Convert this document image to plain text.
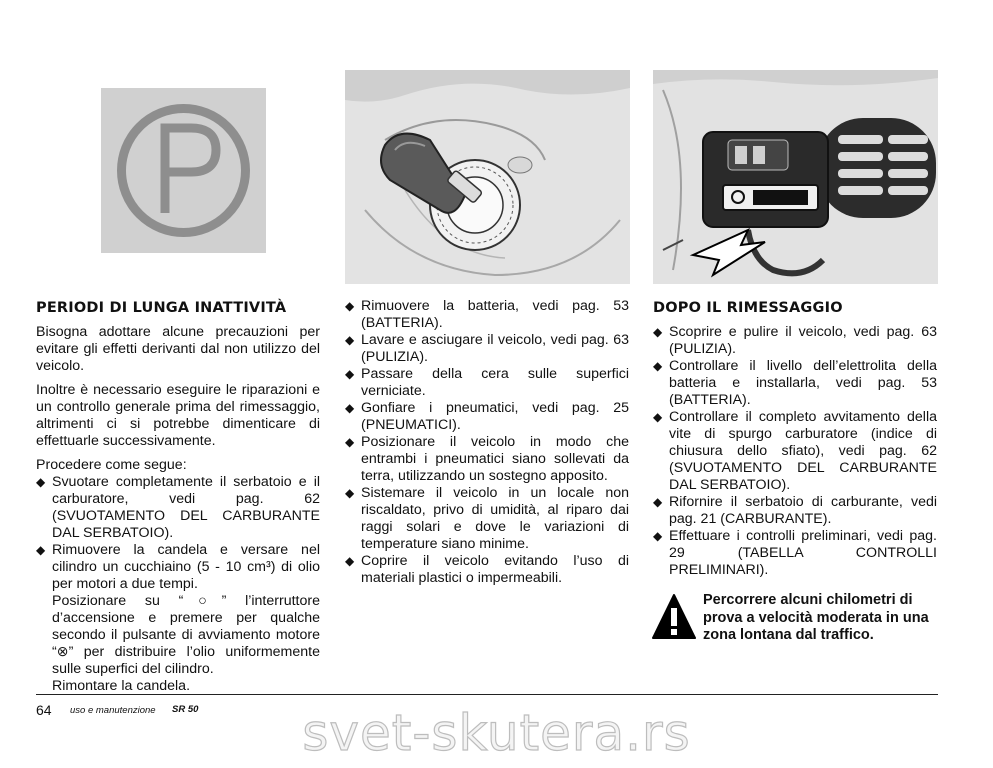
PERIODI DI LUNGA INATTIVITÀ

Bisogna adottare alcune precauzioni per evitare gli effetti derivanti dal non utilizzo del veicolo.

Inoltre è necessario eseguire le riparazioni e un controllo generale prima del rimessaggio, altrimenti ci si potrebbe dimenticare di effettuarle successivamente.

Procedere come segue:

◆ Svuotare completamente il serbatoio e il carburatore, vedi pag. 62 (SVUOTAMENTO DEL CARBURANTE DAL SERBATOIO).
◆ Rimuovere la candela e versare nel cilindro un cucchiaino (5 - 10 cm³) di olio per motori a due tempi.

Posizionare su “○” l’interruttore d’accensione e premere per qualche secondo il pulsante di avviamento motore “⊗” per distribuire l’olio uniformemente sulle superfici del cilindro.

Rimontare la candela.

◆ Rimuovere la batteria, vedi pag. 53 (BATTERIA).
◆ Lavare e asciugare il veicolo, vedi pag. 63 (PULIZIA).
◆ Passare della cera sulle superfici verniciate.
◆ Gonfiare i pneumatici, vedi pag. 25 (PNEUMATICI).
◆ Posizionare il veicolo in modo che entrambi i pneumatici siano sollevati da terra, utilizzando un sostegno apposito.
◆ Sistemare il veicolo in un locale non riscaldato, privo di umidità, al riparo dai raggi solari e dove le variazioni di temperature siano minime.
◆ Coprire il veicolo evitando l’uso di materiali plastici o impermeabili.
DOPO IL RIMESSAGGIO
◆ Scoprire e pulire il veicolo, vedi pag. 63 (PULIZIA).
◆ Controllare il livello dell’elettrolita della batteria e installarla, vedi pag. 53 (BATTERIA).
◆ Controllare il completo avvitamento della vite di spurgo carburatore (indice di chiusura dello sfiato), vedi pag. 62 (SVUOTAMENTO DEL CARBURANTE DAL SERBATOIO).
◆ Rifornire il serbatoio di carburante, vedi pag. 21 (CARBURANTE).
◆ Effettuare i controlli preliminari, vedi pag. 29 (TABELLA CONTROLLI PRELIMINARI).
Percorrere alcuni chilometri di prova a velocità moderata in una zona lontana dal traffico.
64 uso e manutenzione SR 50	svet-skutera.rs
